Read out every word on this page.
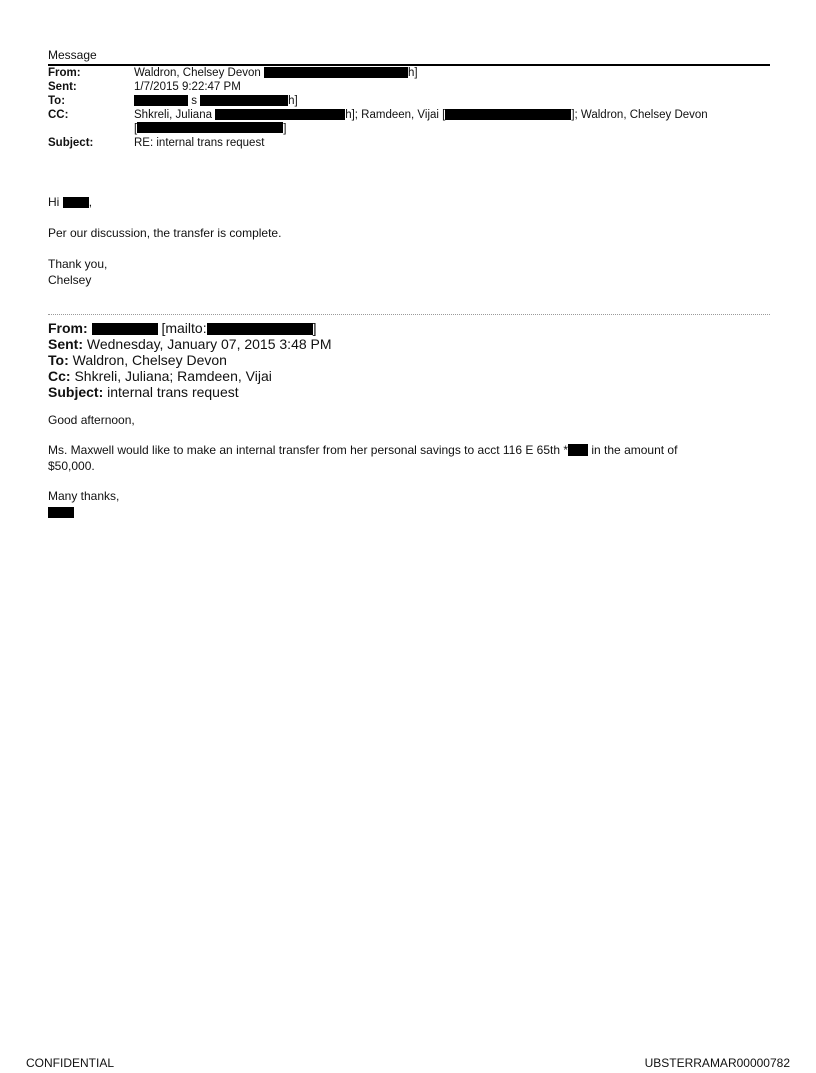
Message
From:	Waldron, Chelsey Devon	h]
Sent:	1/7/2015 9:22:47 PM
To:	s	h]
CC:	Shkreli, Juliana	h]; Ramdeen, Vijai [	]; Waldron, Chelsey Devon
[	]
Subject:	RE: internal trans request

Hi ,

Per our discussion, the transfer is complete.

Thank you,
Chelsey

From:	[mailto:	]
Sent: Wednesday, January 07, 2015 3:48 PM
To: Waldron, Chelsey Devon
Cc: Shkreli, Juliana; Ramdeen, Vijai
Subject: internal trans request

Good afternoon,

Ms. Maxwell would like to make an internal transfer from her personal savings to acct 116 E 65th * in the amount of
$50,000.

Many thanks,

CONFIDENTIAL	UBSTERRAMAR00000782
